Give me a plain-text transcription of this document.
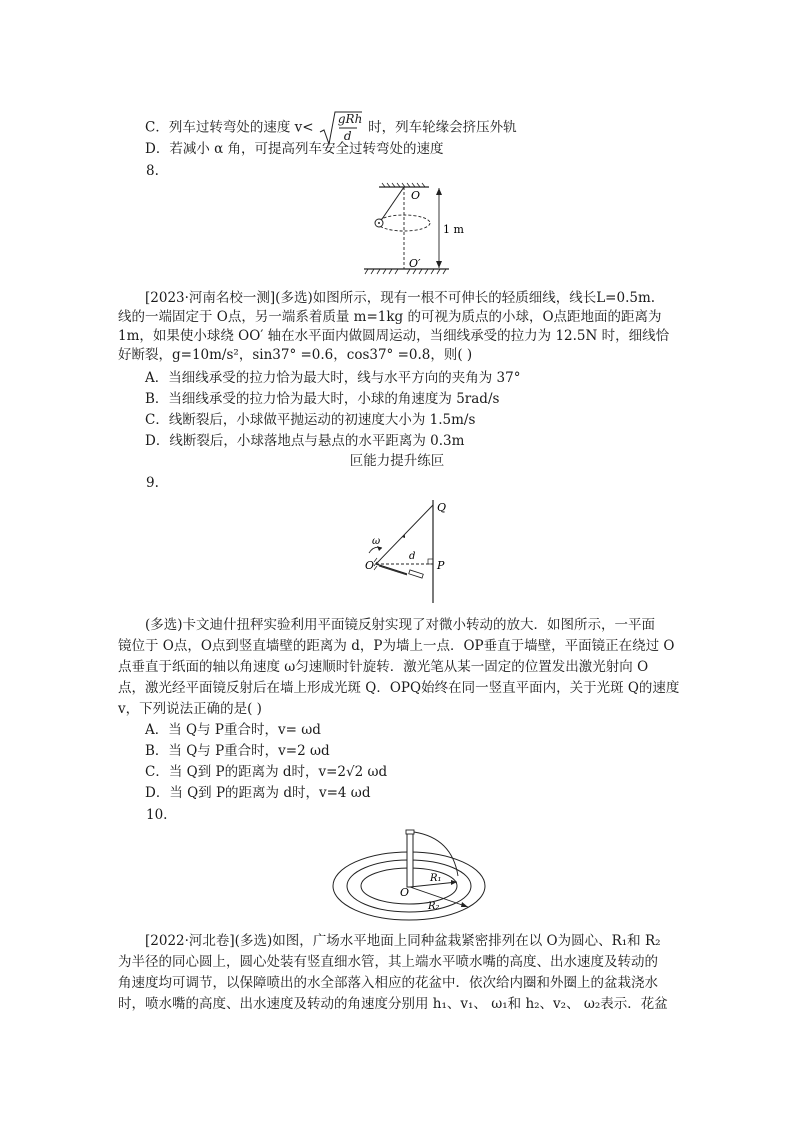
C．列车过转弯处的速度 v<
gRh
d
时，列车轮缘会挤压外轨
D．若减小 α 角，可提高列车安全过转弯处的速度
8.
O
O′
1 m
[2023·河南名校一测](多选)如图所示，现有一根不可伸长的轻质细线，线长L=0.5m.
线的一端固定于 O点，另一端系着质量 m=1kg 的可视为质点的小球，O点距地面的距离为
1m，如果使小球绕 OO′ 轴在水平面内做圆周运动，当细线承受的拉力为 12.5N 时，细线恰
好断裂，g=10m/s²，sin37° =0.6，cos37° =0.8，则( )
A．当细线承受的拉力恰为最大时，线与水平方向的夹角为 37°
B．当细线承受的拉力恰为最大时，小球的角速度为 5rad/s
C．线断裂后，小球做平抛运动的初速度大小为 1.5m/s
D．线断裂后，小球落地点与悬点的水平距离为 0.3m
叵能力提升练叵
9.
Q
O	P
d
ω
(多选)卡文迪什扭秤实验利用平面镜反射实现了对微小转动的放大．如图所示，一平面
镜位于 O点，O点到竖直墙壁的距离为 d，P为墙上一点．OP垂直于墙壁，平面镜正在绕过 O
点垂直于纸面的轴以角速度 ω匀速顺时针旋转．激光笔从某一固定的位置发出激光射向 O
点，激光经平面镜反射后在墙上形成光斑 Q．OPQ始终在同一竖直平面内，关于光斑 Q的速度
v，下列说法正确的是( )
A．当 Q与 P重合时，v= ωd
B．当 Q与 P重合时，v=2 ωd
C．当 Q到 P的距离为 d时，v=2√2 ωd
D．当 Q到 P的距离为 d时，v=4 ωd
10.
O
R₁
R₂
[2022·河北卷](多选)如图，广场水平地面上同种盆栽紧密排列在以 O为圆心、R₁和 R₂
为半径的同心圆上，圆心处装有竖直细水管，其上端水平喷水嘴的高度、出水速度及转动的
角速度均可调节，以保障喷出的水全部落入相应的花盆中．依次给内圈和外圈上的盆栽浇水
时，喷水嘴的高度、出水速度及转动的角速度分别用 h₁、v₁、 ω₁和 h₂、v₂、 ω₂表示．花盆
